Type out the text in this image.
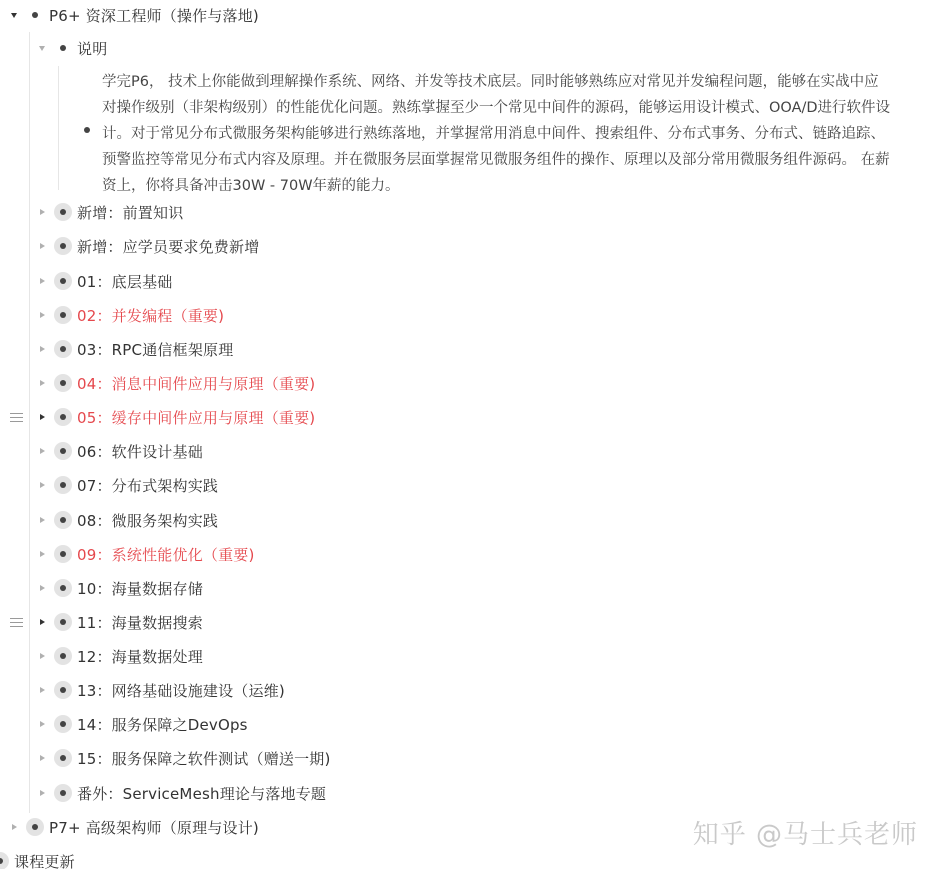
P6+ 资深工程师（操作与落地)
说明
学完P6， 技术上你能做到理解操作系统、网络、并发等技术底层。同时能够熟练应对常见并发编程问题，能够在实战中应对操作级别（非架构级别）的性能优化问题。熟练掌握至少一个常见中间件的源码，能够运用设计模式、OOA/D进行软件设计。对于常见分布式微服务架构能够进行熟练落地，并掌握常用消息中间件、搜索组件、分布式事务、分布式、链路追踪、预警监控等常见分布式内容及原理。并在微服务层面掌握常见微服务组件的操作、原理以及部分常用微服务组件源码。 在薪资上，你将具备冲击30W - 70W年薪的能力。
新增：前置知识
新增：应学员要求免费新增
01：底层基础
02：并发编程（重要)
03：RPC通信框架原理
04：消息中间件应用与原理（重要)
05：缓存中间件应用与原理（重要)
06：软件设计基础
07：分布式架构实践
08：微服务架构实践
09：系统性能优化（重要)
10：海量数据存储
11：海量数据搜索
12：海量数据处理
13：网络基础设施建设（运维)
14：服务保障之DevOps
15：服务保障之软件测试（赠送一期)
番外：ServiceMesh理论与落地专题
P7+ 高级架构师（原理与设计)
课程更新
知乎 @马士兵老师
